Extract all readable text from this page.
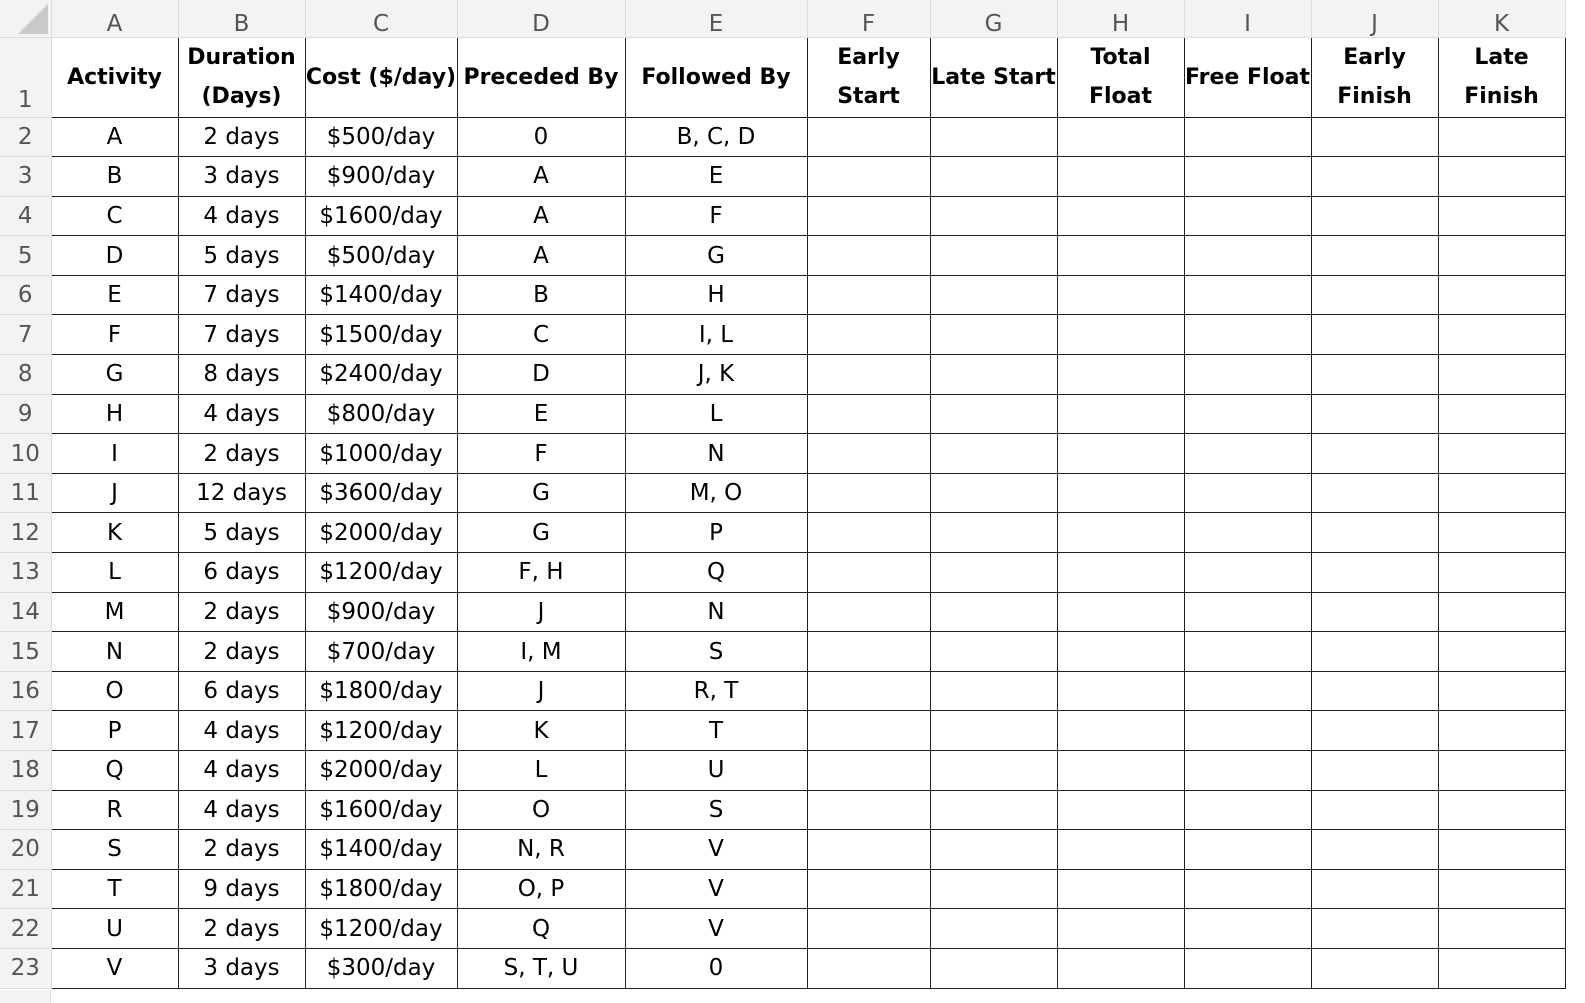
	A	B	C	D	E	F	G	H	I	J	K
1	Activity	Duration (Days)	Cost ($/day)	Preceded By	Followed By	Early Start	Late Start	Total Float	Free Float	Early Finish	Late Finish
2	A	2 days	$500/day	0	B, C, D						
3	B	3 days	$900/day	A	E						
4	C	4 days	$1600/day	A	F						
5	D	5 days	$500/day	A	G						
6	E	7 days	$1400/day	B	H						
7	F	7 days	$1500/day	C	I, L						
8	G	8 days	$2400/day	D	J, K						
9	H	4 days	$800/day	E	L						
10	I	2 days	$1000/day	F	N						
11	J	12 days	$3600/day	G	M, O						
12	K	5 days	$2000/day	G	P						
13	L	6 days	$1200/day	F, H	Q						
14	M	2 days	$900/day	J	N						
15	N	2 days	$700/day	I, M	S						
16	O	6 days	$1800/day	J	R, T						
17	P	4 days	$1200/day	K	T						
18	Q	4 days	$2000/day	L	U						
19	R	4 days	$1600/day	O	S						
20	S	2 days	$1400/day	N, R	V						
21	T	9 days	$1800/day	O, P	V						
22	U	2 days	$1200/day	Q	V						
23	V	3 days	$300/day	S, T, U	0						
